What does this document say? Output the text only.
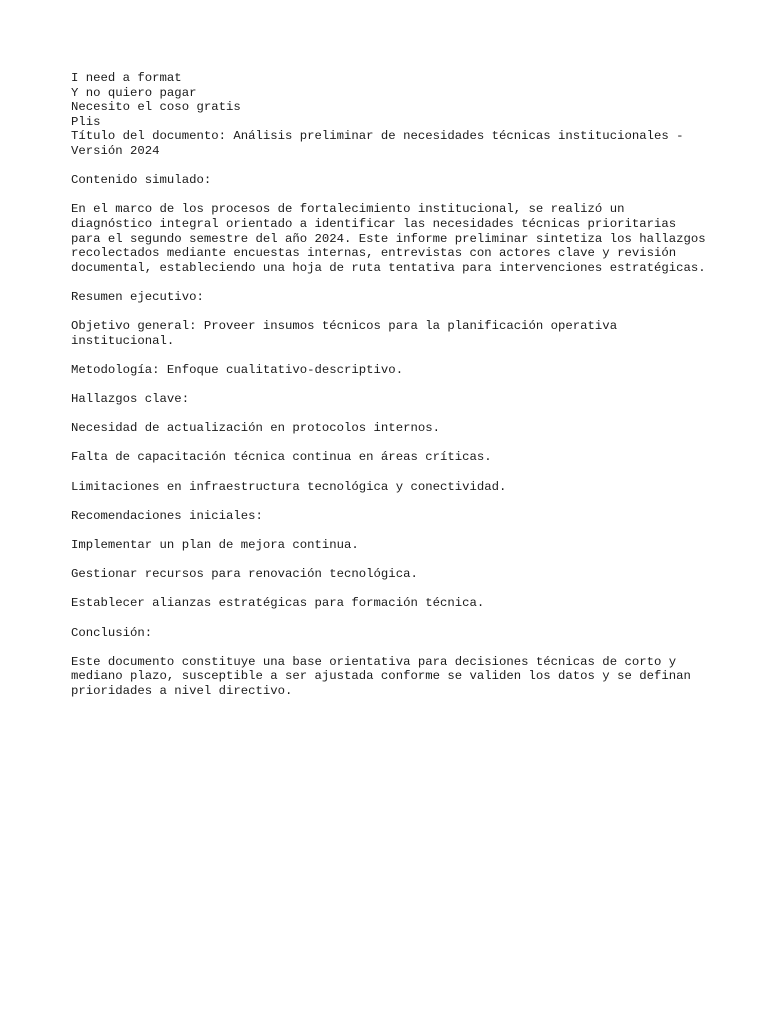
I need a format

Y no quiero pagar

Necesito el coso gratis

Plis

Título del documento: Análisis preliminar de necesidades técnicas institucionales - Versión 2024

Contenido simulado:

En el marco de los procesos de fortalecimiento institucional, se realizó un diagnóstico integral orientado a identificar las necesidades técnicas prioritarias para el segundo semestre del año 2024. Este informe preliminar sintetiza los hallazgos recolectados mediante encuestas internas, entrevistas con actores clave y revisión documental, estableciendo una hoja de ruta tentativa para intervenciones estratégicas.

Resumen ejecutivo:

Objetivo general: Proveer insumos técnicos para la planificación operativa institucional.

Metodología: Enfoque cualitativo-descriptivo.

Hallazgos clave:

Necesidad de actualización en protocolos internos.

Falta de capacitación técnica continua en áreas críticas.

Limitaciones en infraestructura tecnológica y conectividad.

Recomendaciones iniciales:

Implementar un plan de mejora continua.

Gestionar recursos para renovación tecnológica.

Establecer alianzas estratégicas para formación técnica.

Conclusión:

Este documento constituye una base orientativa para decisiones técnicas de corto y mediano plazo, susceptible a ser ajustada conforme se validen los datos y se definan prioridades a nivel directivo.
